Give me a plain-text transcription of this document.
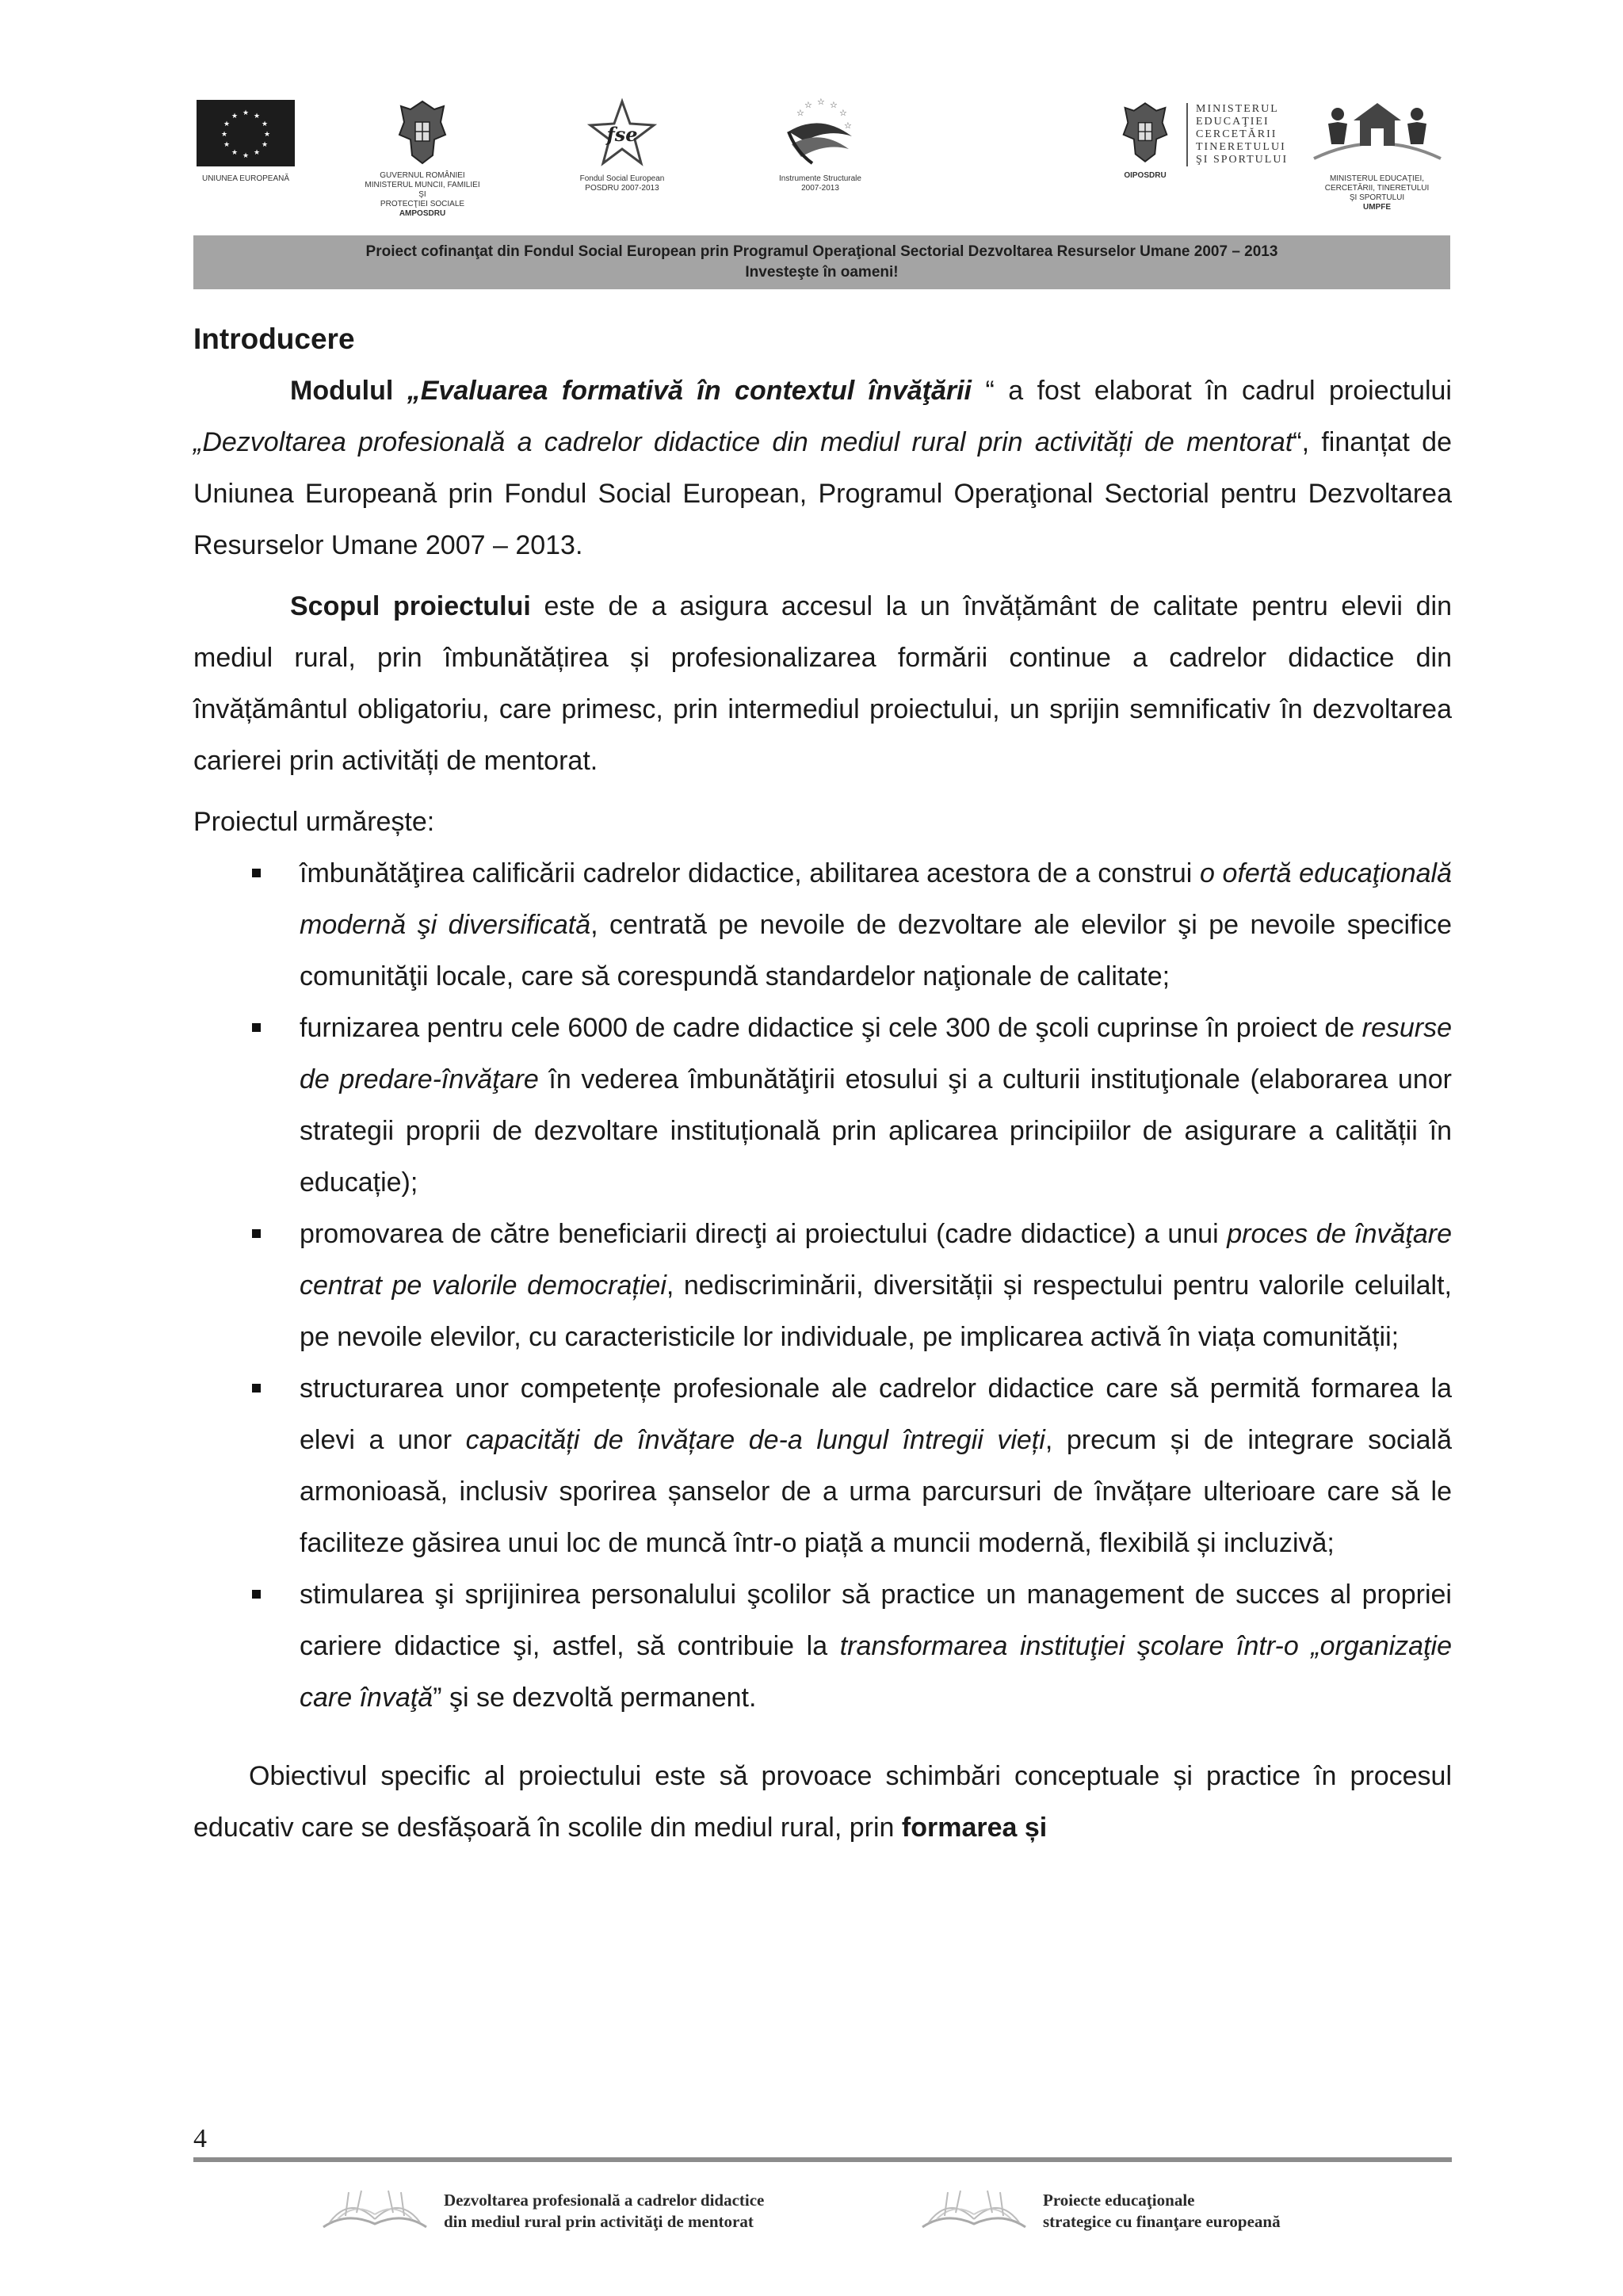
★ ★
★
★
★
★
★
★
★
★
★
★
UNIUNEA EUROPEANĂ	GUVERNUL ROMÂNIEI
MINISTERUL MUNCII, FAMILIEI ŞI
PROTECŢIEI SOCIALE
AMPOSDRU
fse
Fondul Social European
POSDRU 2007-2013
☆ ☆ ☆
☆
☆
☆
Instrumente Structurale
2007-2013
OIPOSDRU
MINISTERUL
EDUCAŢIEI
CERCETĂRII
TINERETULUI
ŞI SPORTULUI
MINISTERUL EDUCAŢIEI,
CERCETĂRII, TINERETULUI
ŞI SPORTULUI
UMPFE
Proiect cofinanţat din Fondul Social European prin Programul Operaţional Sectorial Dezvoltarea Resurselor Umane 2007 – 2013
Investeşte în oameni!
Introducere

Modulul „Evaluarea formativă în contextul învăţării “ a fost elaborat în cadrul proiectului „Dezvoltarea profesională a cadrelor didactice din mediul rural prin activități de mentorat“, finanțat de Uniunea Europeană prin Fondul Social European, Programul Operaţional Sectorial pentru Dezvoltarea Resurselor Umane 2007 – 2013.

Scopul proiectului este de a asigura accesul la un învățământ de calitate pentru elevii din mediul rural, prin îmbunătățirea și profesionalizarea formării continue a cadrelor didactice din învățământul obligatoriu, care primesc, prin intermediul proiectului, un sprijin semnificativ în dezvoltarea carierei prin activități de mentorat.

Proiectul urmărește:

îmbunătăţirea calificării cadrelor didactice, abilitarea acestora de a construi o ofertă educaţională modernă şi diversificată, centrată pe nevoile de dezvoltare ale elevilor şi pe nevoile specifice comunităţii locale, care să corespundă standardelor naţionale de calitate;
furnizarea pentru cele 6000 de cadre didactice şi cele 300 de şcoli cuprinse în proiect de resurse de predare-învăţare în vederea îmbunătăţirii etosului şi a culturii instituţionale (elaborarea unor strategii proprii de dezvoltare instituțională prin aplicarea principiilor de asigurare a calității în educație);
promovarea de către beneficiarii direcţi ai proiectului (cadre didactice) a unui proces de învăţare centrat pe valorile democrației, nediscriminării, diversității și respectului pentru valorile celuilalt, pe nevoile elevilor, cu caracteristicile lor individuale, pe implicarea activă în viața comunității;
structurarea unor competențe profesionale ale cadrelor didactice care să permită formarea la elevi a unor capacități de învățare de-a lungul întregii vieți, precum și de integrare socială armonioasă, inclusiv sporirea șanselor de a urma parcursuri de învățare ulterioare care să le faciliteze găsirea unui loc de muncă într-o piață a muncii modernă, flexibilă și incluzivă;
stimularea şi sprijinirea personalului şcolilor să practice un management de succes al propriei cariere didactice şi, astfel, să contribuie la transformarea instituţiei şcolare într-o „organizaţie care învaţă” şi se dezvoltă permanent.

Obiectivul specific al proiectului este să provoace schimbări conceptuale și practice în procesul educativ care se desfășoară în scolile din mediul rural, prin formarea și

4
Dezvoltarea profesională a cadrelor didactice
din mediul rural prin activităţi de mentorat
Proiecte educaţionale
strategice cu finanţare europeană
